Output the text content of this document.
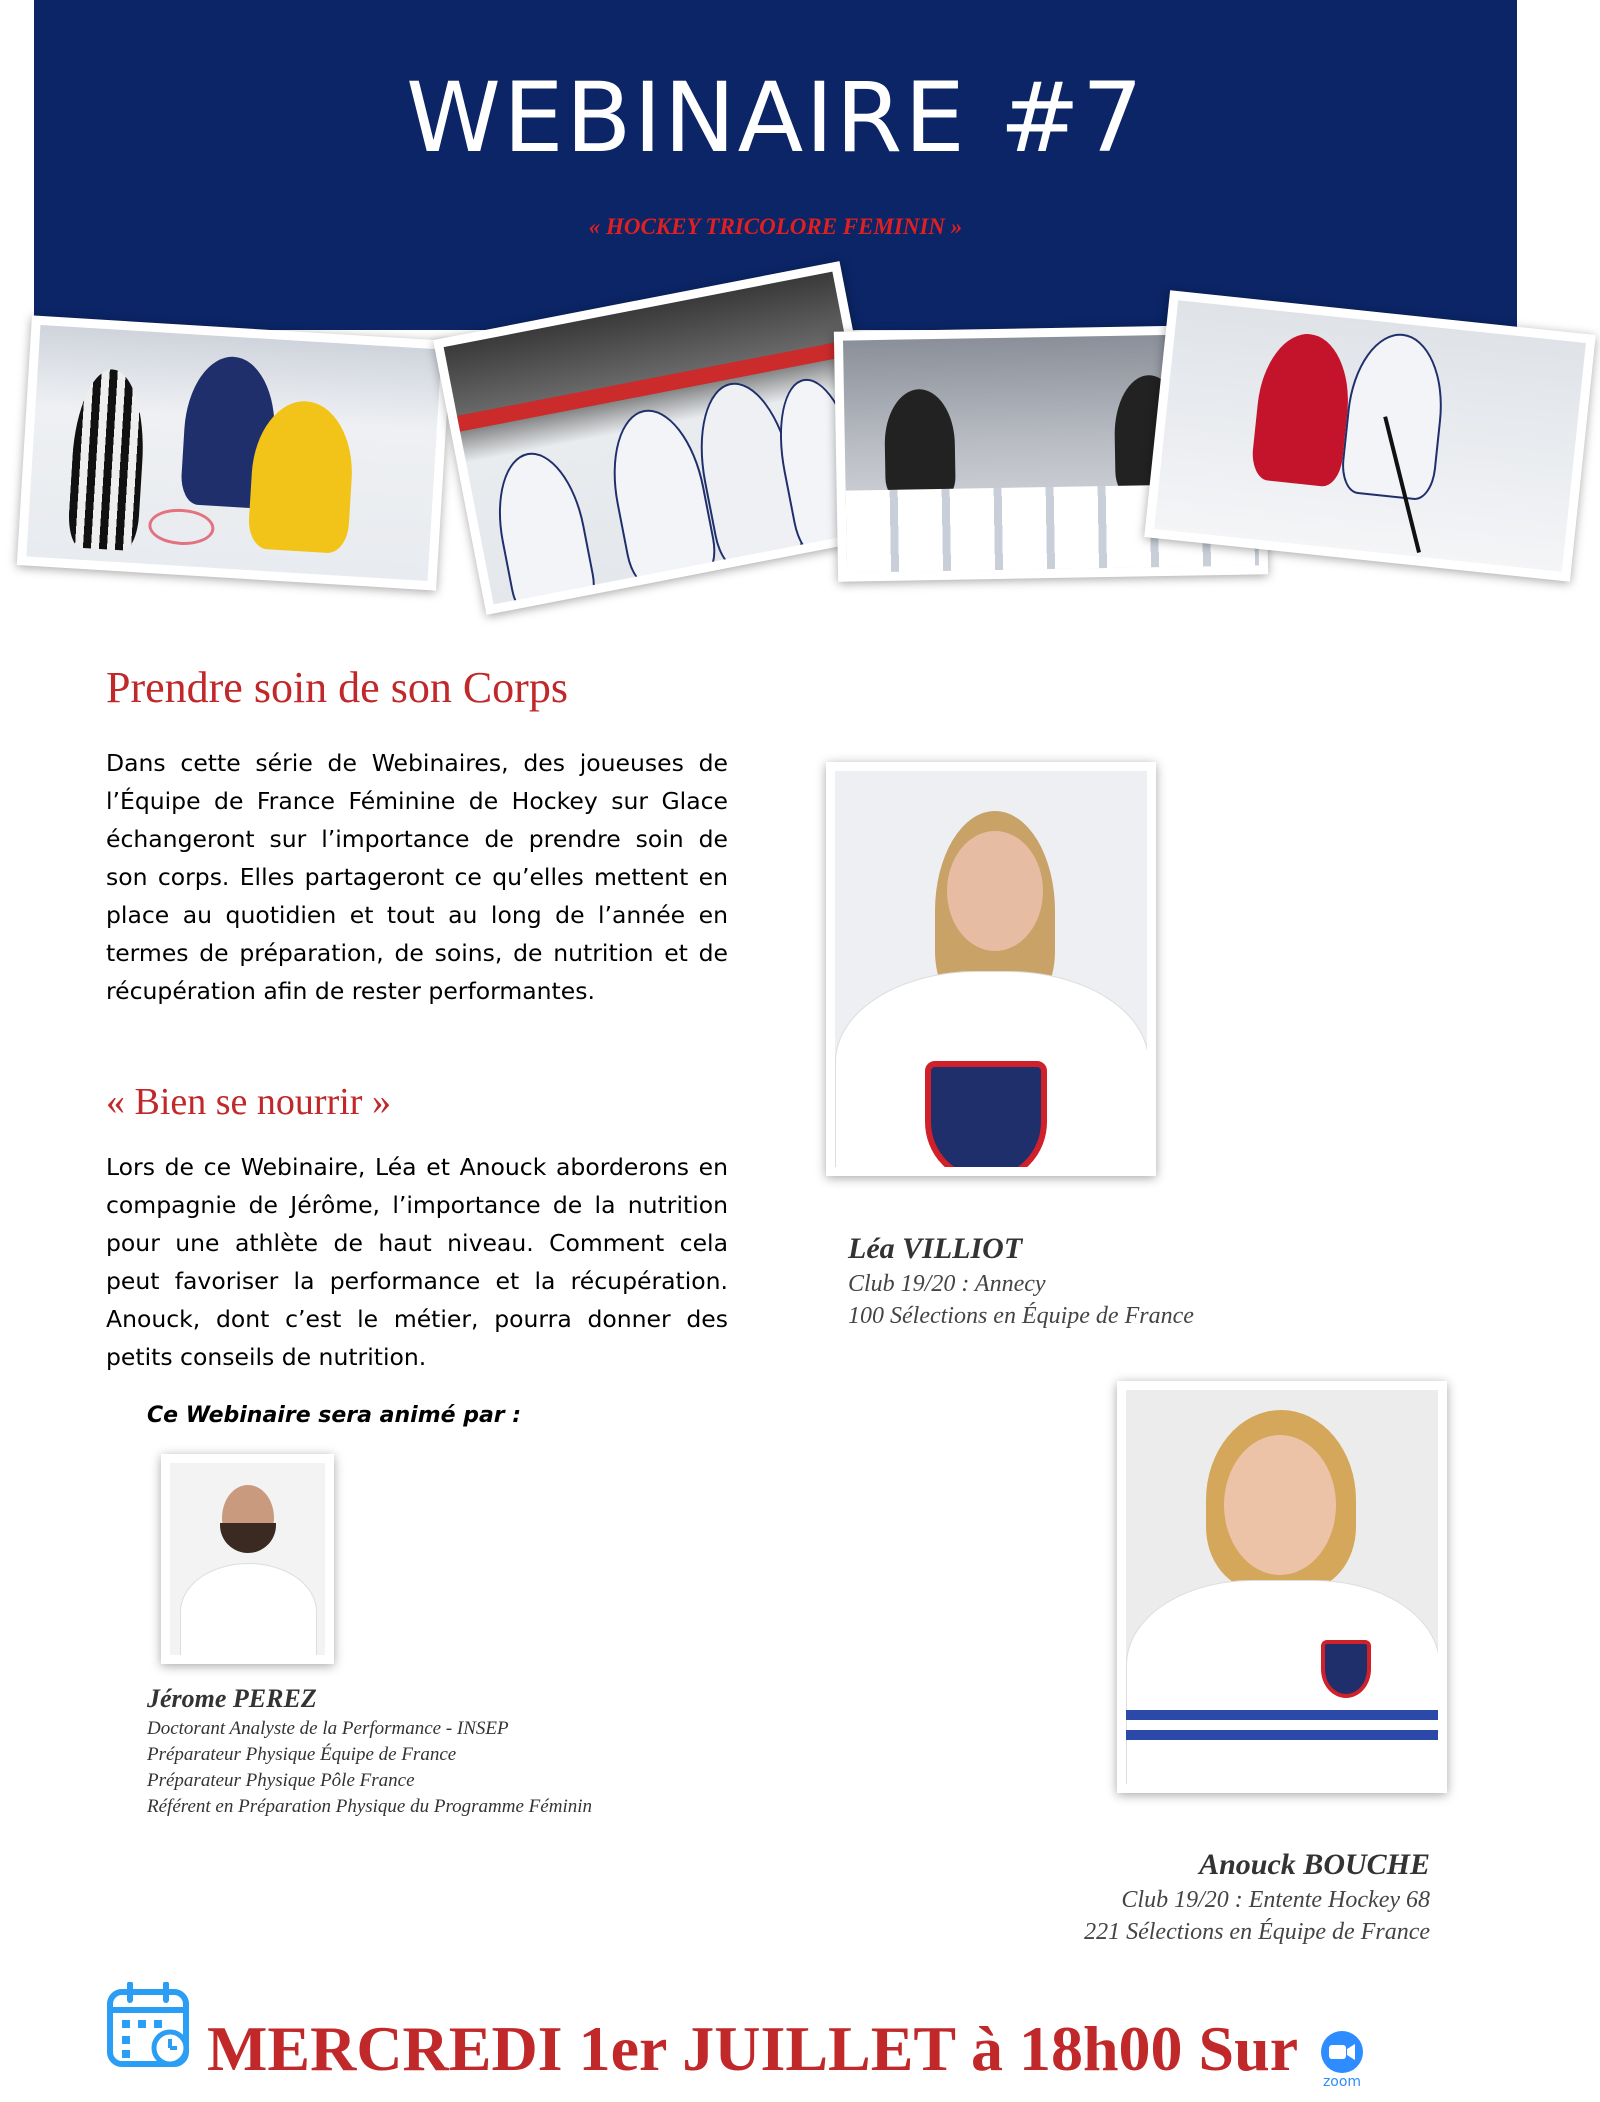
WEBINAIRE #7
« HOCKEY TRICOLORE FEMININ »
Prendre soin de son Corps

Dans cette série de Webinaires, des joueuses de l’Équipe de France Féminine de Hockey sur Glace échangeront sur l’importance de prendre soin de son corps. Elles partageront ce qu’elles mettent en place au quotidien et tout au long de l’année en termes de préparation, de soins, de nutrition et de récupération afin de rester performantes.

« Bien se nourrir »

Lors de ce Webinaire, Léa et Anouck aborderons en compagnie de Jérôme, l’importance de la nutrition pour une athlète de haut niveau. Comment cela peut favoriser la performance et la récupération. Anouck, dont c’est le métier, pourra donner des petits conseils de nutrition.

Ce Webinaire sera animé par :
Jérome PEREZ
Doctorant Analyste de la Performance - INSEP
Préparateur Physique Équipe de France
Préparateur Physique Pôle France
Référent en Préparation Physique du Programme Féminin
Léa VILLIOT
Club 19/20 : Annecy
100 Sélections en Équipe de France
Anouck BOUCHE
Club 19/20 : Entente Hockey 68
221 Sélections en Équipe de France
MERCREDI 1er JUILLET à 18h00 Sur	zoom
